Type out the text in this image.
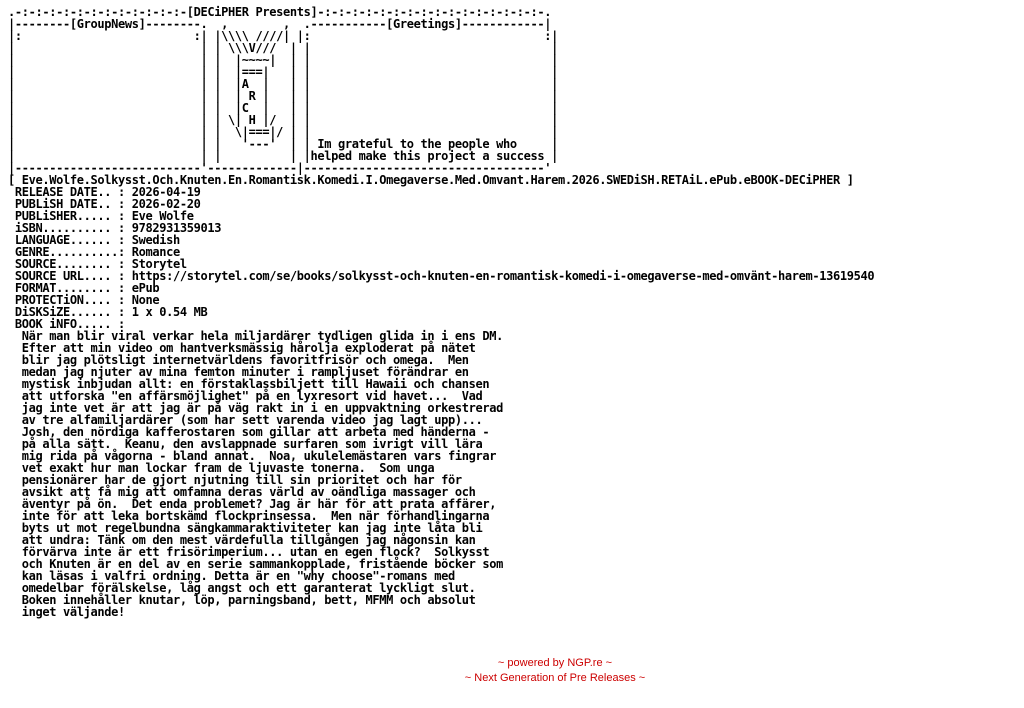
.-:-:-:-:-:-:-:-:-:-:-:-:-[DECiPHER Presents]-:-:-:-:-:-:-:-:-:-:-:-:-:-:-:-:-.
|--------[GroupNews]--------.  ,        ,  .-----------[Greetings]------------|
|:                         :| |\\\\ ////| |:                                  :|
|                           | | \\\V///  | |                                   |
|                           | |  |~~~~|  | |                                   |
|                           | |  |===|   | |                                   |
|                           | |  |A  |   | |                                   |
|                           | |  | R |   | |                                   |
|                           | |  |C  |   | |                                   |
|                           | | \| H |/  | |                                   |
|                           | |  \|===|/ | |                                   |
|                           | |   '---'  | | Im grateful to the people who     |
|                           | |          | |helped make this project a success |
|---------------------------'-------------|-----------------------------------'
[ Eve.Wolfe.Solkysst.Och.Knuten.En.Romantisk.Komedi.I.Omegaverse.Med.Omvant.Harem.2026.SWEDiSH.RETAiL.ePub.eBOOK-DECiPHER ]
RELEASE DATE.. : 2026-04-19
PUBLiSH DATE.. : 2026-02-20
PUBLiSHER..... : Eve Wolfe
iSBN.......... : 9782931359013
LANGUAGE...... : Swedish
GENRE..........: Romance
SOURCE........ : Storytel
SOURCE URL.... : https://storytel.com/se/books/solkysst-och-knuten-en-romantisk-komedi-i-omegaverse-med-omvänt-harem-13619540
FORMAT........ : ePub
PROTECTiON.... : None
DiSKSiZE...... : 1 x 0.54 MB
BOOK iNFO..... :
När man blir viral verkar hela miljardärer tydligen glida in i ens DM.
Efter att min video om hantverksmässig hårolja exploderat på nätet
blir jag plötsligt internetvärldens favoritfrisör och omega.  Men
medan jag njuter av mina femton minuter i rampljuset förändrar en
mystisk inbjudan allt: en förstaklassbiljett till Hawaii och chansen
att utforska "en affärsmöjlighet" på en lyxresort vid havet...  Vad
jag inte vet är att jag är på väg rakt in i en uppvaktning orkestrerad
av tre alfamiljardärer (som har sett varenda video jag lagt upp)...
Josh, den nördiga kafferostaren som gillar att arbeta med händerna -
på alla sätt.  Keanu, den avslappnade surfaren som ivrigt vill lära
mig rida på vågorna - bland annat.  Noa, ukulelemästaren vars fingrar
vet exakt hur man lockar fram de ljuvaste tonerna.  Som unga
pensionärer har de gjort njutning till sin prioritet och har för
avsikt att få mig att omfamna deras värld av oändliga massager och
äventyr på ön.  Det enda problemet? Jag är här för att prata affärer,
inte för att leka bortskämd flockprinsessa.  Men när förhandlingarna
byts ut mot regelbundna sängkammaraktiviteter kan jag inte låta bli
att undra: Tänk om den mest värdefulla tillgången jag någonsin kan
förvärva inte är ett frisörimperium... utan en egen flock?  Solkysst
och Knuten är en del av en serie sammankopplade, fristående böcker som
kan läsas i valfri ordning. Detta är en "why choose"-romans med
omedelbar förälskelse, låg angst och ett garanterat lyckligt slut.
Boken innehåller knutar, löp, parningsband, bett, MFMM och absolut
inget väljande!
~ powered by NGP.re ~
~ Next Generation of Pre Releases ~
